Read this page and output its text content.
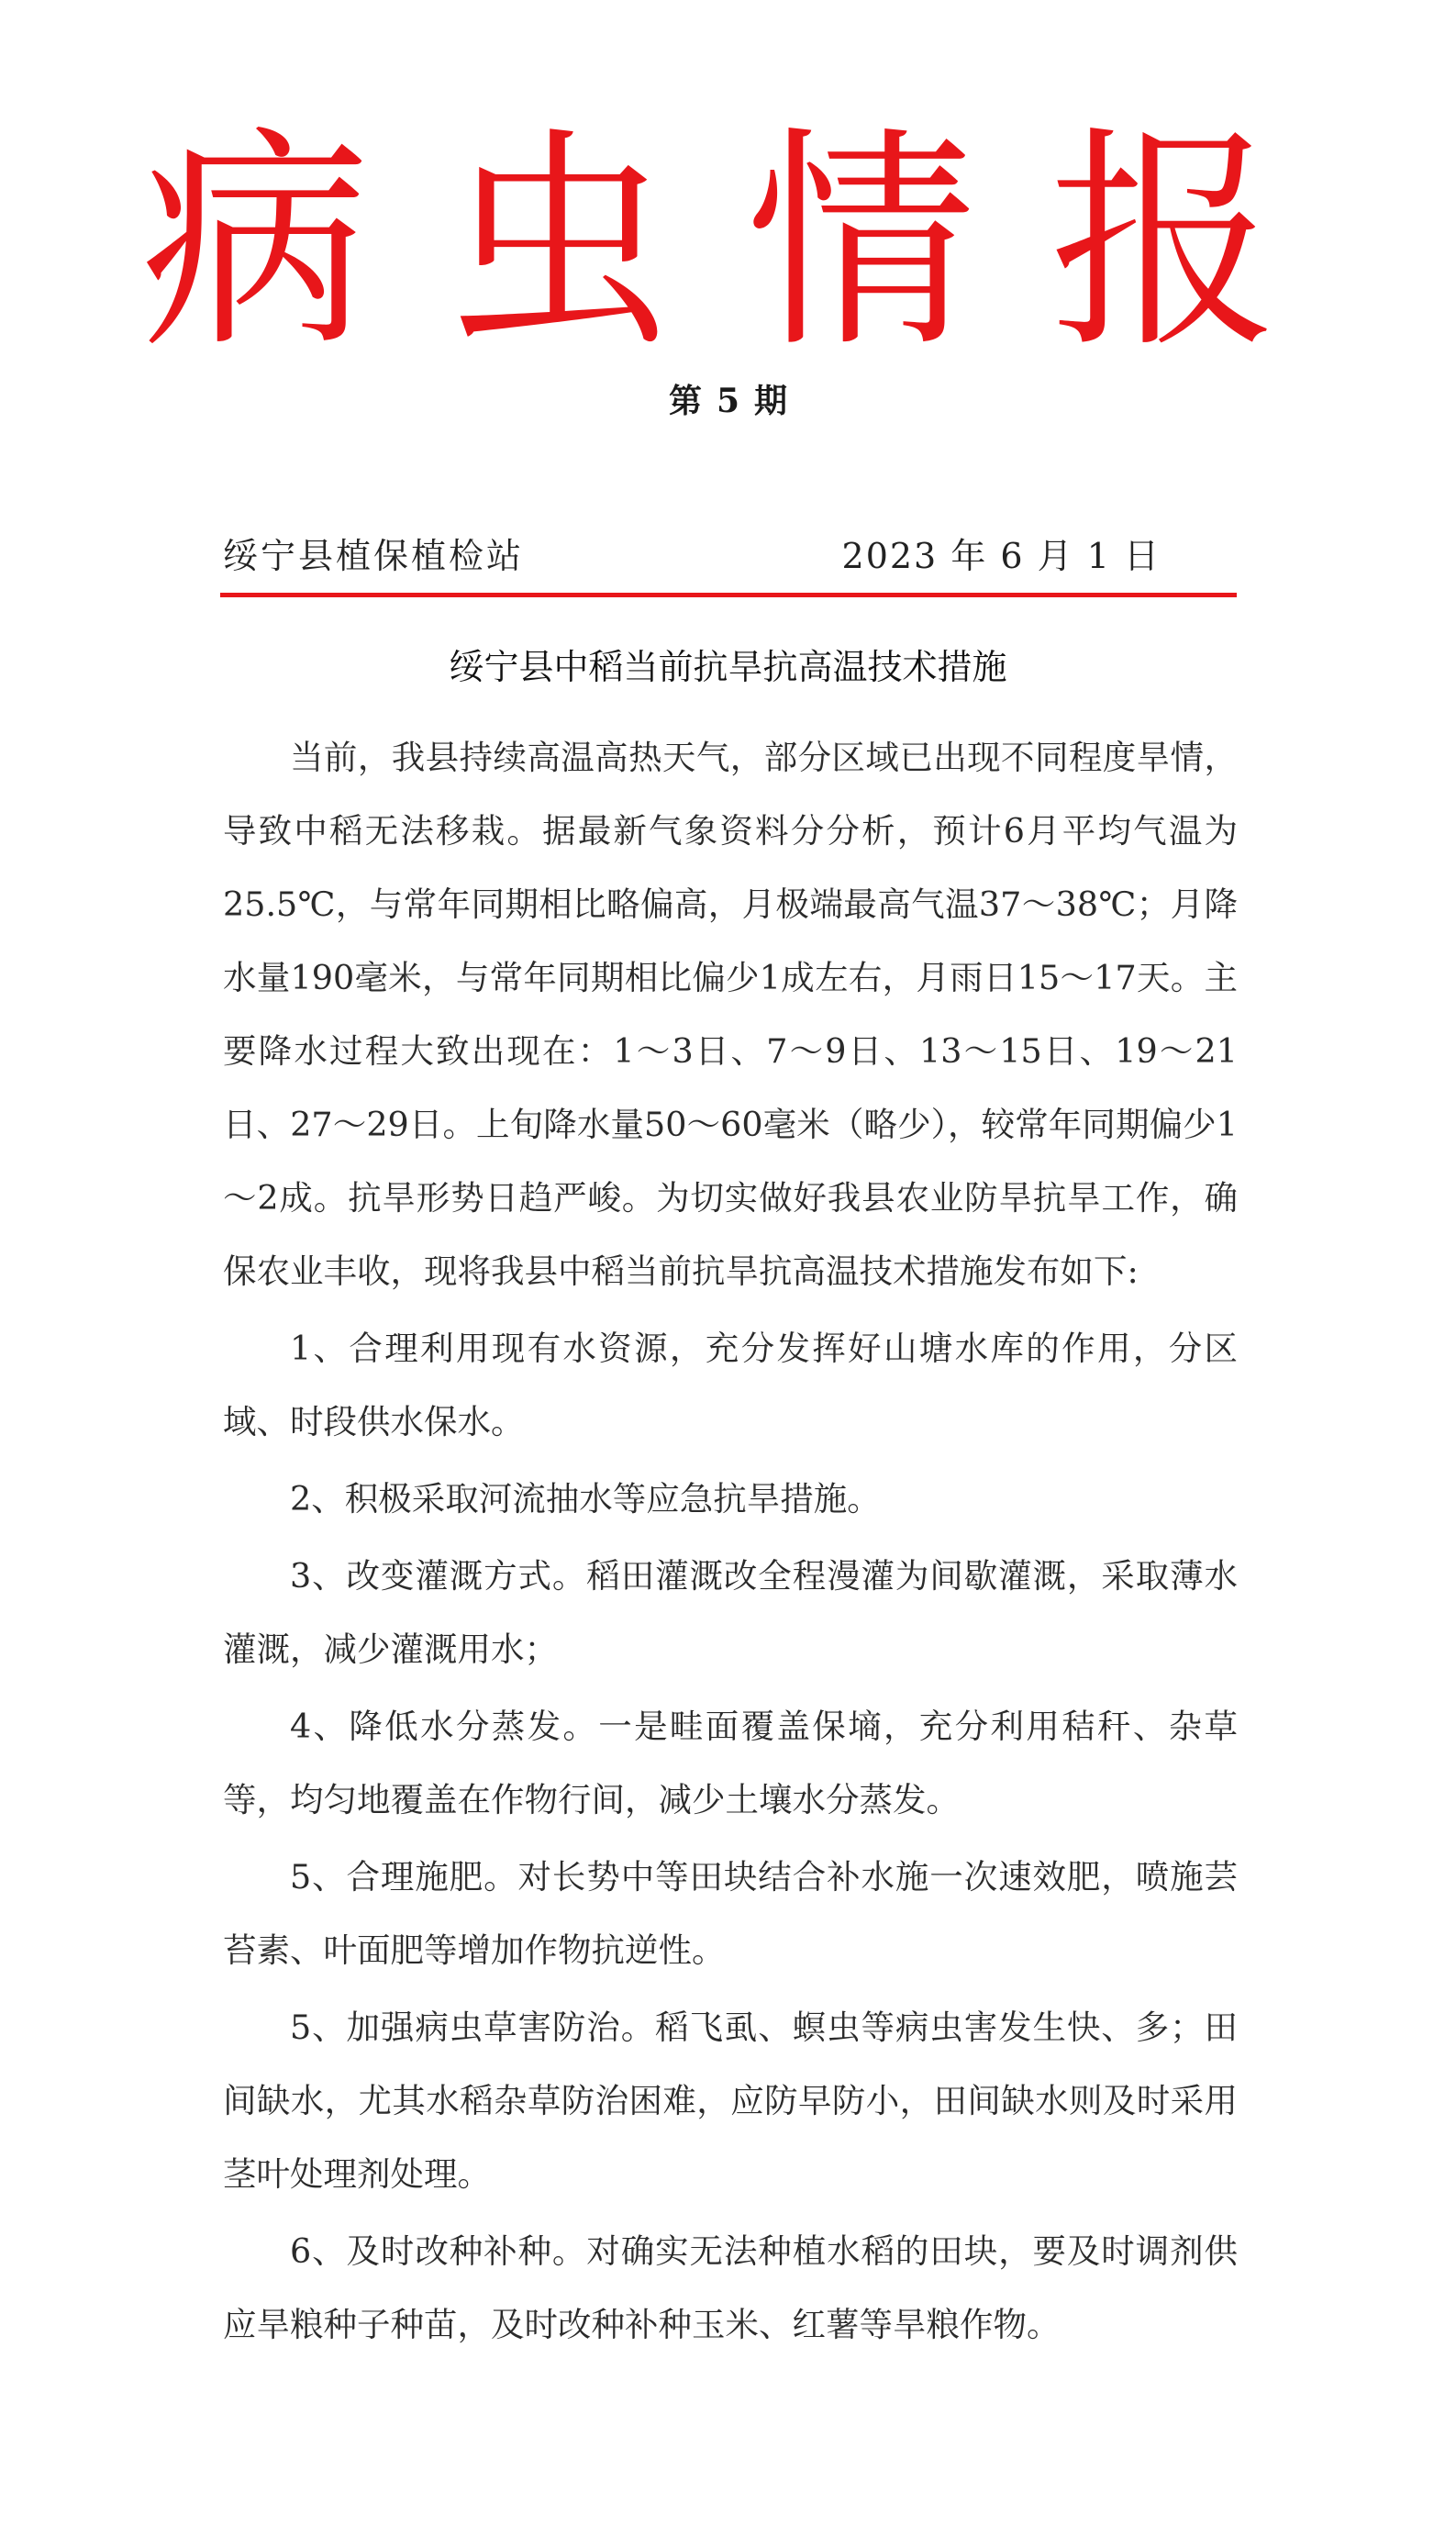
病虫情报
第 5 期
绥宁县植保植检站	2023 年 6 月 1 日
绥宁县中稻当前抗旱抗高温技术措施

当前，我县持续高温高热天气，部分区域已出现不同程度旱情，导致中稻无法移栽。据最新气象资料分分析，预计6月平均气温为25.5℃，与常年同期相比略偏高，月极端最高气温37～38℃；月降水量190毫米，与常年同期相比偏少1成左右，月雨日15～17天。主要降水过程大致出现在：1～3日、7～9日、13～15日、19～21日、27～29日。上旬降水量50～60毫米（略少），较常年同期偏少1～2成。抗旱形势日趋严峻。为切实做好我县农业防旱抗旱工作，确保农业丰收，现将我县中稻当前抗旱抗高温技术措施发布如下:

1、合理利用现有水资源，充分发挥好山塘水库的作用，分区域、时段供水保水。

2、积极采取河流抽水等应急抗旱措施。

3、改变灌溉方式。稻田灌溉改全程漫灌为间歇灌溉，采取薄水灌溉，减少灌溉用水；

4、降低水分蒸发。一是畦面覆盖保墒，充分利用秸秆、杂草等，均匀地覆盖在作物行间，减少土壤水分蒸发。

5、合理施肥。对长势中等田块结合补水施一次速效肥，喷施芸苔素、叶面肥等增加作物抗逆性。

5、加强病虫草害防治。稻飞虱、螟虫等病虫害发生快、多；田间缺水，尤其水稻杂草防治困难，应防早防小，田间缺水则及时采用茎叶处理剂处理。

6、及时改种补种。对确实无法种植水稻的田块，要及时调剂供应旱粮种子种苗，及时改种补种玉米、红薯等旱粮作物。
